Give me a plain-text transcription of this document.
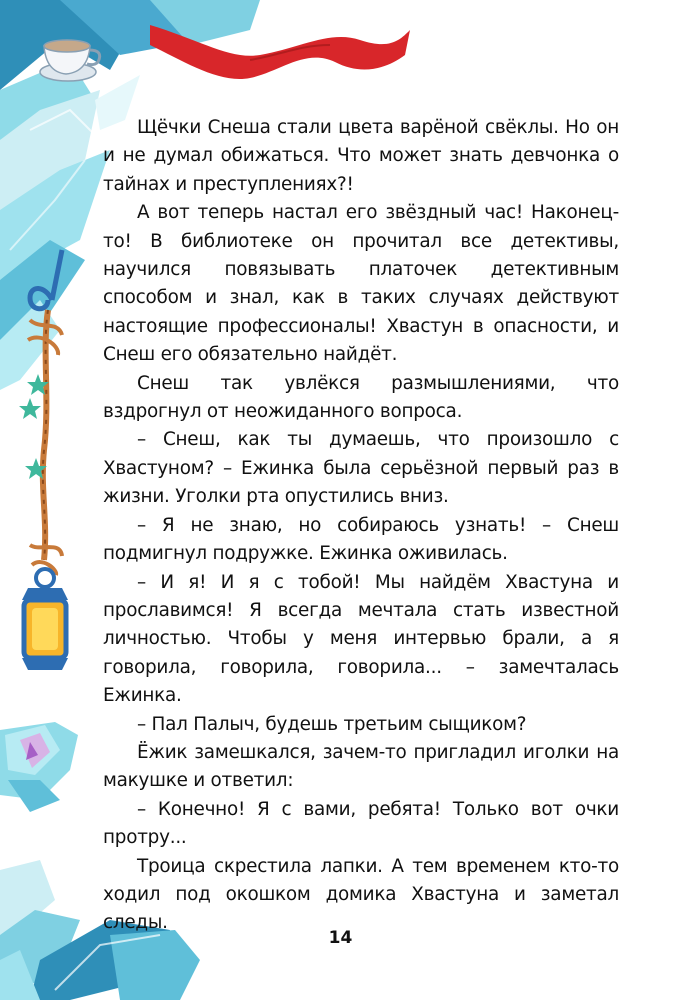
Щёчки Снеша стали цвета варёной свёклы. Но он и не думал обижаться. Что может знать девчонка о тайнах и преступлениях?!

А вот теперь настал его звёздный час! Наконец-то! В библиотеке он прочитал все детективы, научился повязывать платочек детективным способом и знал, как в таких случаях действуют настоящие профессионалы! Хвастун в опасности, и Снеш его обязательно найдёт.

Снеш так увлёкся размышлениями, что вздрогнул от неожиданного вопроса.

– Снеш, как ты думаешь, что произошло с Хвастуном? – Ежинка была серьёзной первый раз в жизни. Уголки рта опустились вниз.

– Я не знаю, но собираюсь узнать! – Снеш подмигнул подружке. Ежинка оживилась.

– И я! И я с тобой! Мы найдём Хвастуна и прославимся! Я всегда мечтала стать известной личностью. Чтобы у меня интервью брали, а я говорила, говорила, говорила... – замечталась Ежинка.

– Пал Палыч, будешь третьим сыщиком?

Ёжик замешкался, зачем-то пригладил иголки на макушке и ответил:

– Конечно! Я с вами, ребята! Только вот очки протру...

Троица скрестила лапки. А тем временем кто-то ходил под окошком домика Хвастуна и заметал следы.

14
